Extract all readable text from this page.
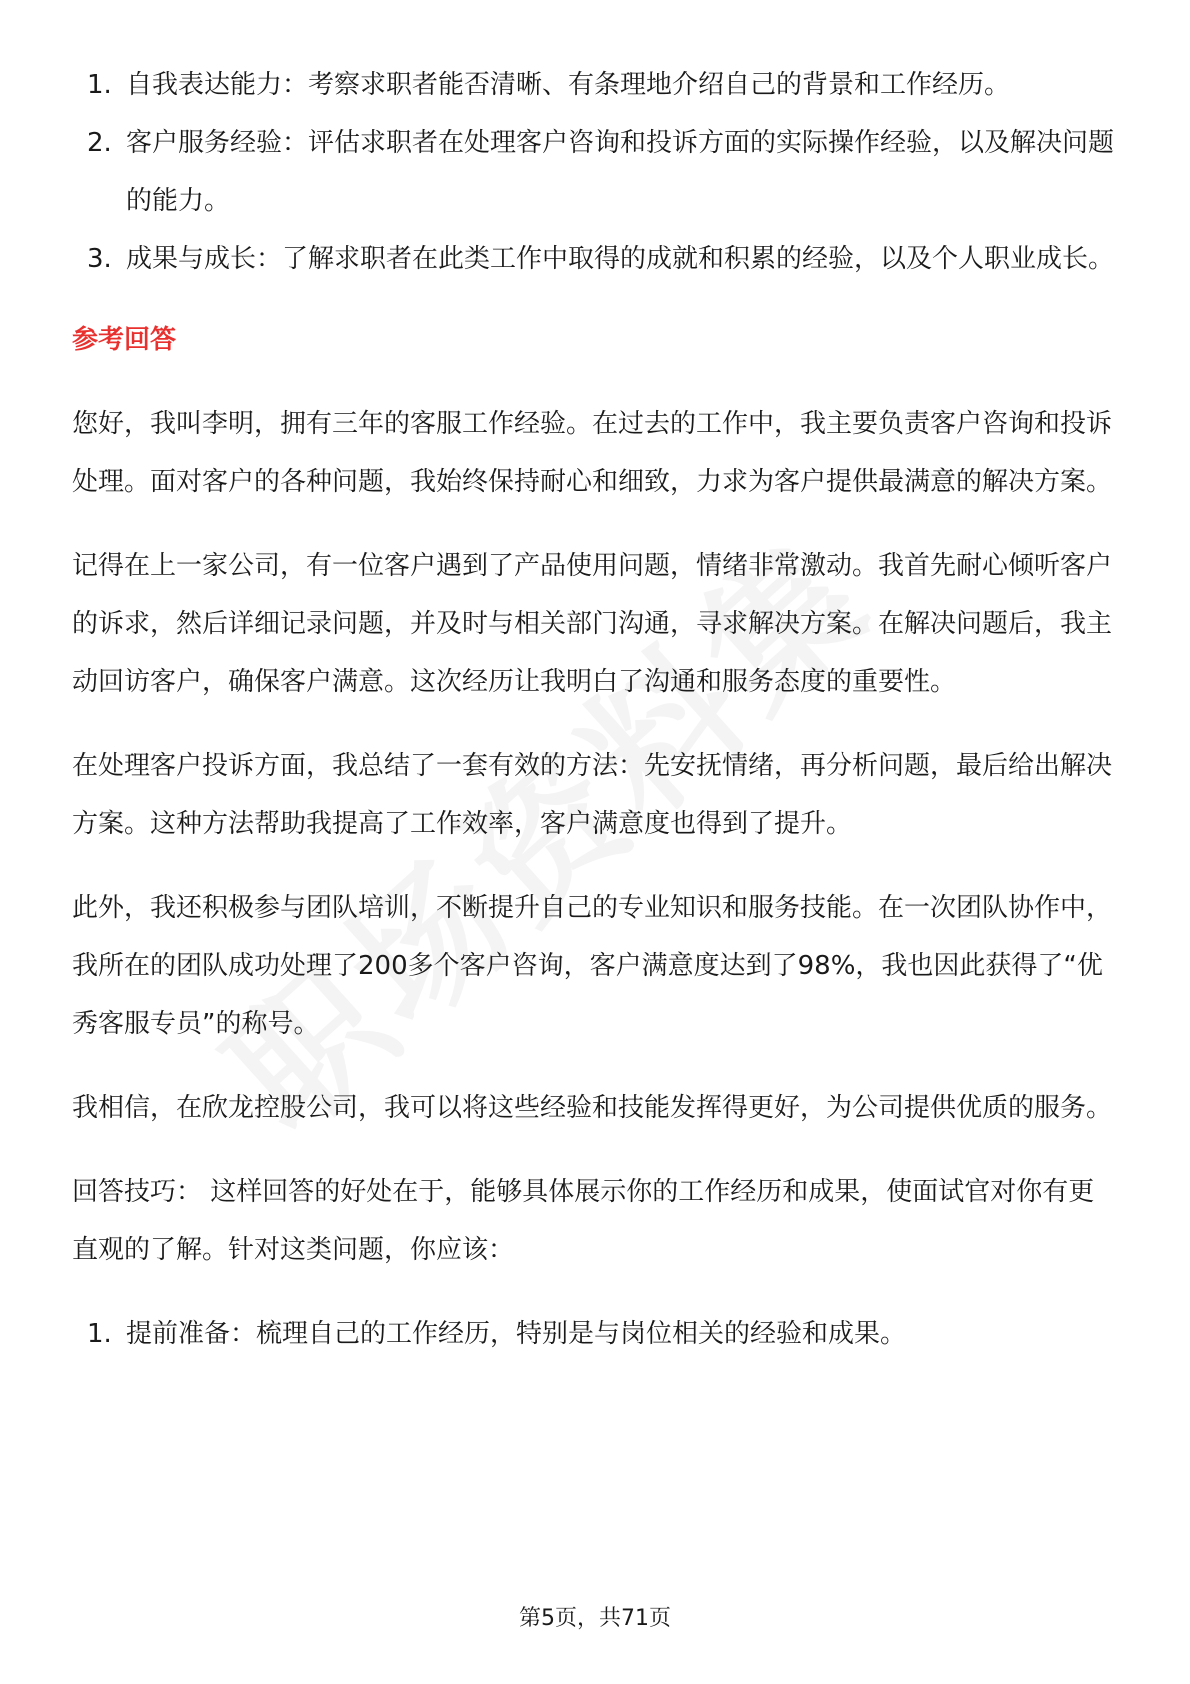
1. 自我表达能力：考察求职者能否清晰、有条理地介绍自己的背景和工作经历。
2. 客户服务经验：评估求职者在处理客户咨询和投诉方面的实际操作经验，以及解决问题的能力。
3. 成果与成长：了解求职者在此类工作中取得的成就和积累的经验，以及个人职业成长。
参考回答

您好，我叫李明，拥有三年的客服工作经验。在过去的工作中，我主要负责客户咨询和投诉处理。面对客户的各种问题，我始终保持耐心和细致，力求为客户提供最满意的解决方案。

记得在上一家公司，有一位客户遇到了产品使用问题，情绪非常激动。我首先耐心倾听客户的诉求，然后详细记录问题，并及时与相关部门沟通，寻求解决方案。在解决问题后，我主动回访客户，确保客户满意。这次经历让我明白了沟通和服务态度的重要性。

在处理客户投诉方面，我总结了一套有效的方法：先安抚情绪，再分析问题，最后给出解决方案。这种方法帮助我提高了工作效率，客户满意度也得到了提升。

此外，我还积极参与团队培训，不断提升自己的专业知识和服务技能。在一次团队协作中，我所在的团队成功处理了200多个客户咨询，客户满意度达到了98%，我也因此获得了“优秀客服专员”的称号。

我相信，在欣龙控股公司，我可以将这些经验和技能发挥得更好，为公司提供优质的服务。

回答技巧： 这样回答的好处在于，能够具体展示你的工作经历和成果，使面试官对你有更直观的了解。针对这类问题，你应该：

1. 提前准备：梳理自己的工作经历，特别是与岗位相关的经验和成果。
第5页，共71页
